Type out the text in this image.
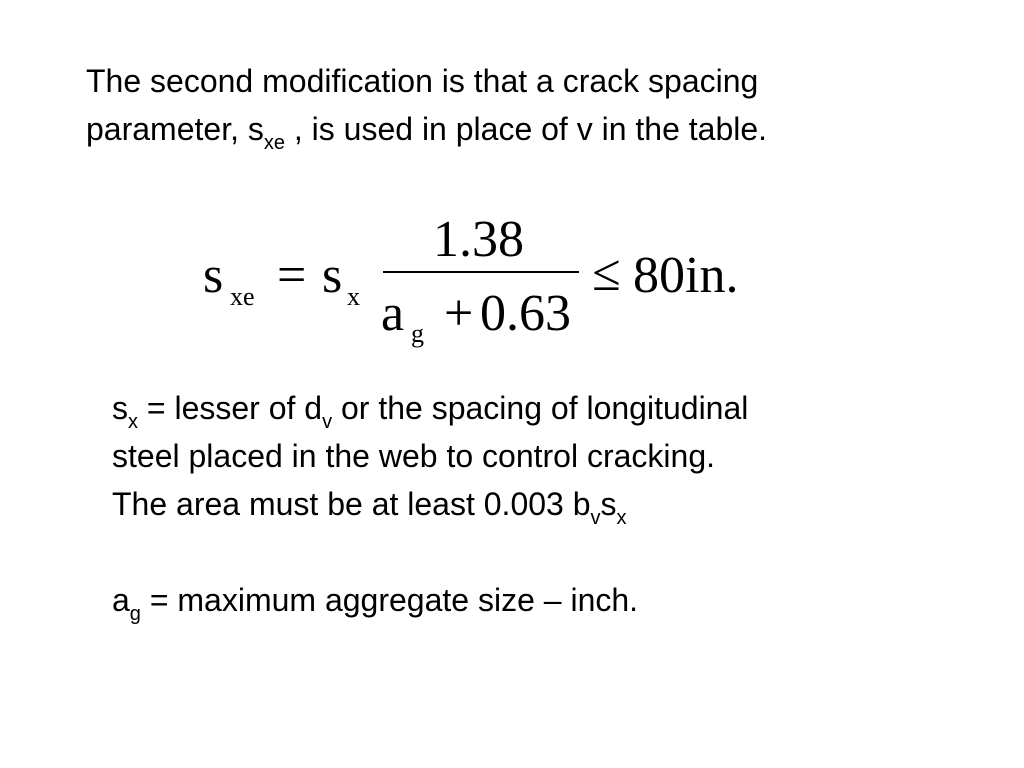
The second modification is that a crack spacing
parameter, $s_{xe}$ , is used in place of v in the table.
s xe = s x
1.38
a g + 0.63
≤ 80in.
$s_x$ = lesser of $d_v$ or the spacing of longitudinal
steel placed in the web to control cracking.
The area must be at least 0.003 $b_vs_x$
$a_g$ = maximum aggregate size – inch.
